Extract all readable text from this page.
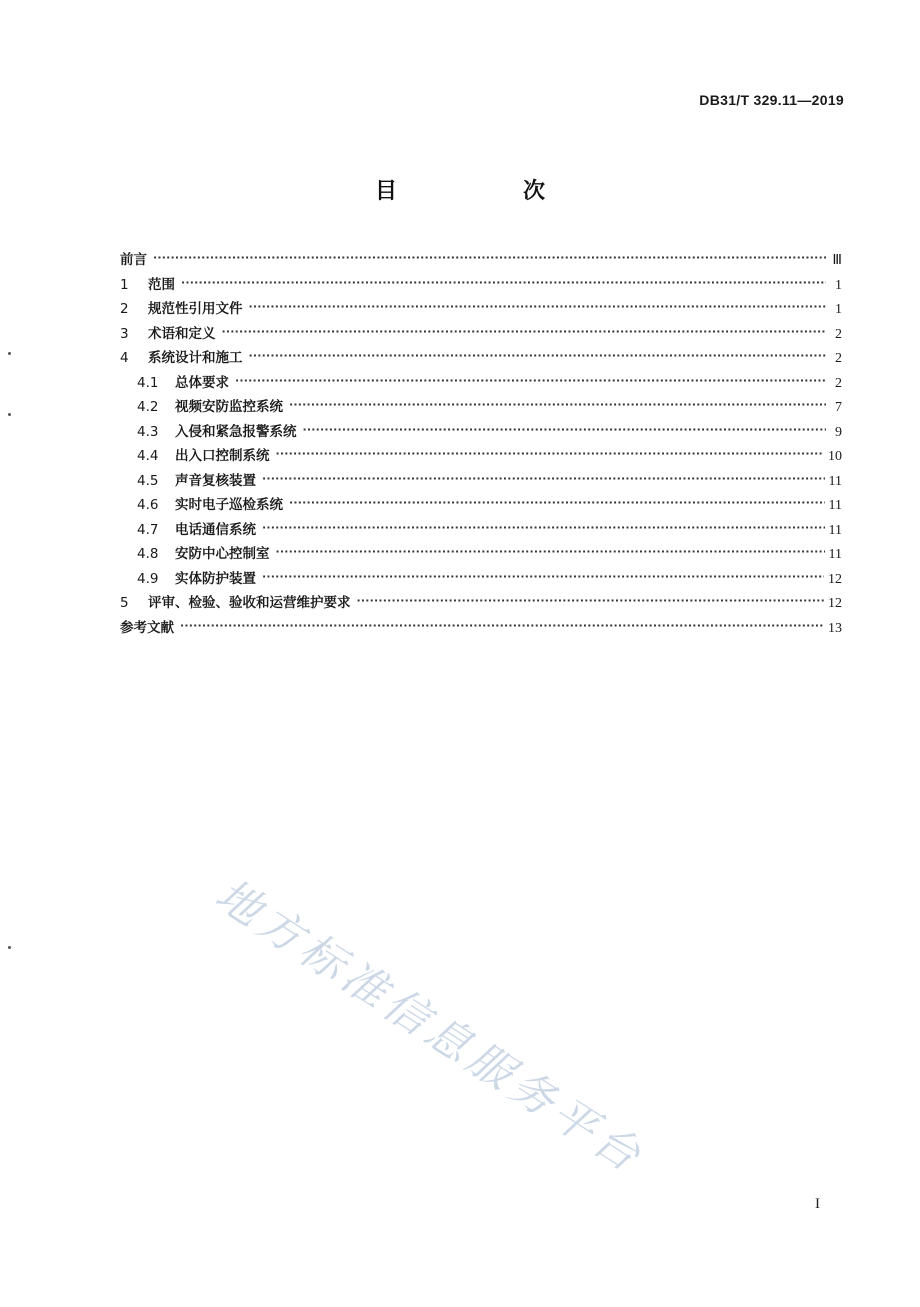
DB31/T 329.11—2019
目　次
前言 ·····	Ⅲ
1	范围 ·····	1
2	规范性引用文件 ·····	1
3	术语和定义 ·····	2
4	系统设计和施工 ·····	2
4.1	总体要求 ·····	2
4.2	视频安防监控系统 ·····	7
4.3	入侵和紧急报警系统 ·····	9
4.4	出入口控制系统 ·····	10
4.5	声音复核装置 ·····	11
4.6	实时电子巡检系统 ·····	11
4.7	电话通信系统 ·····	11
4.8	安防中心控制室 ·····	11
4.9	实体防护装置 ·····	12
5	评审、检验、验收和运营维护要求 ·····	12
参考文献 ·····	13
地方标准信息服务平台
I
